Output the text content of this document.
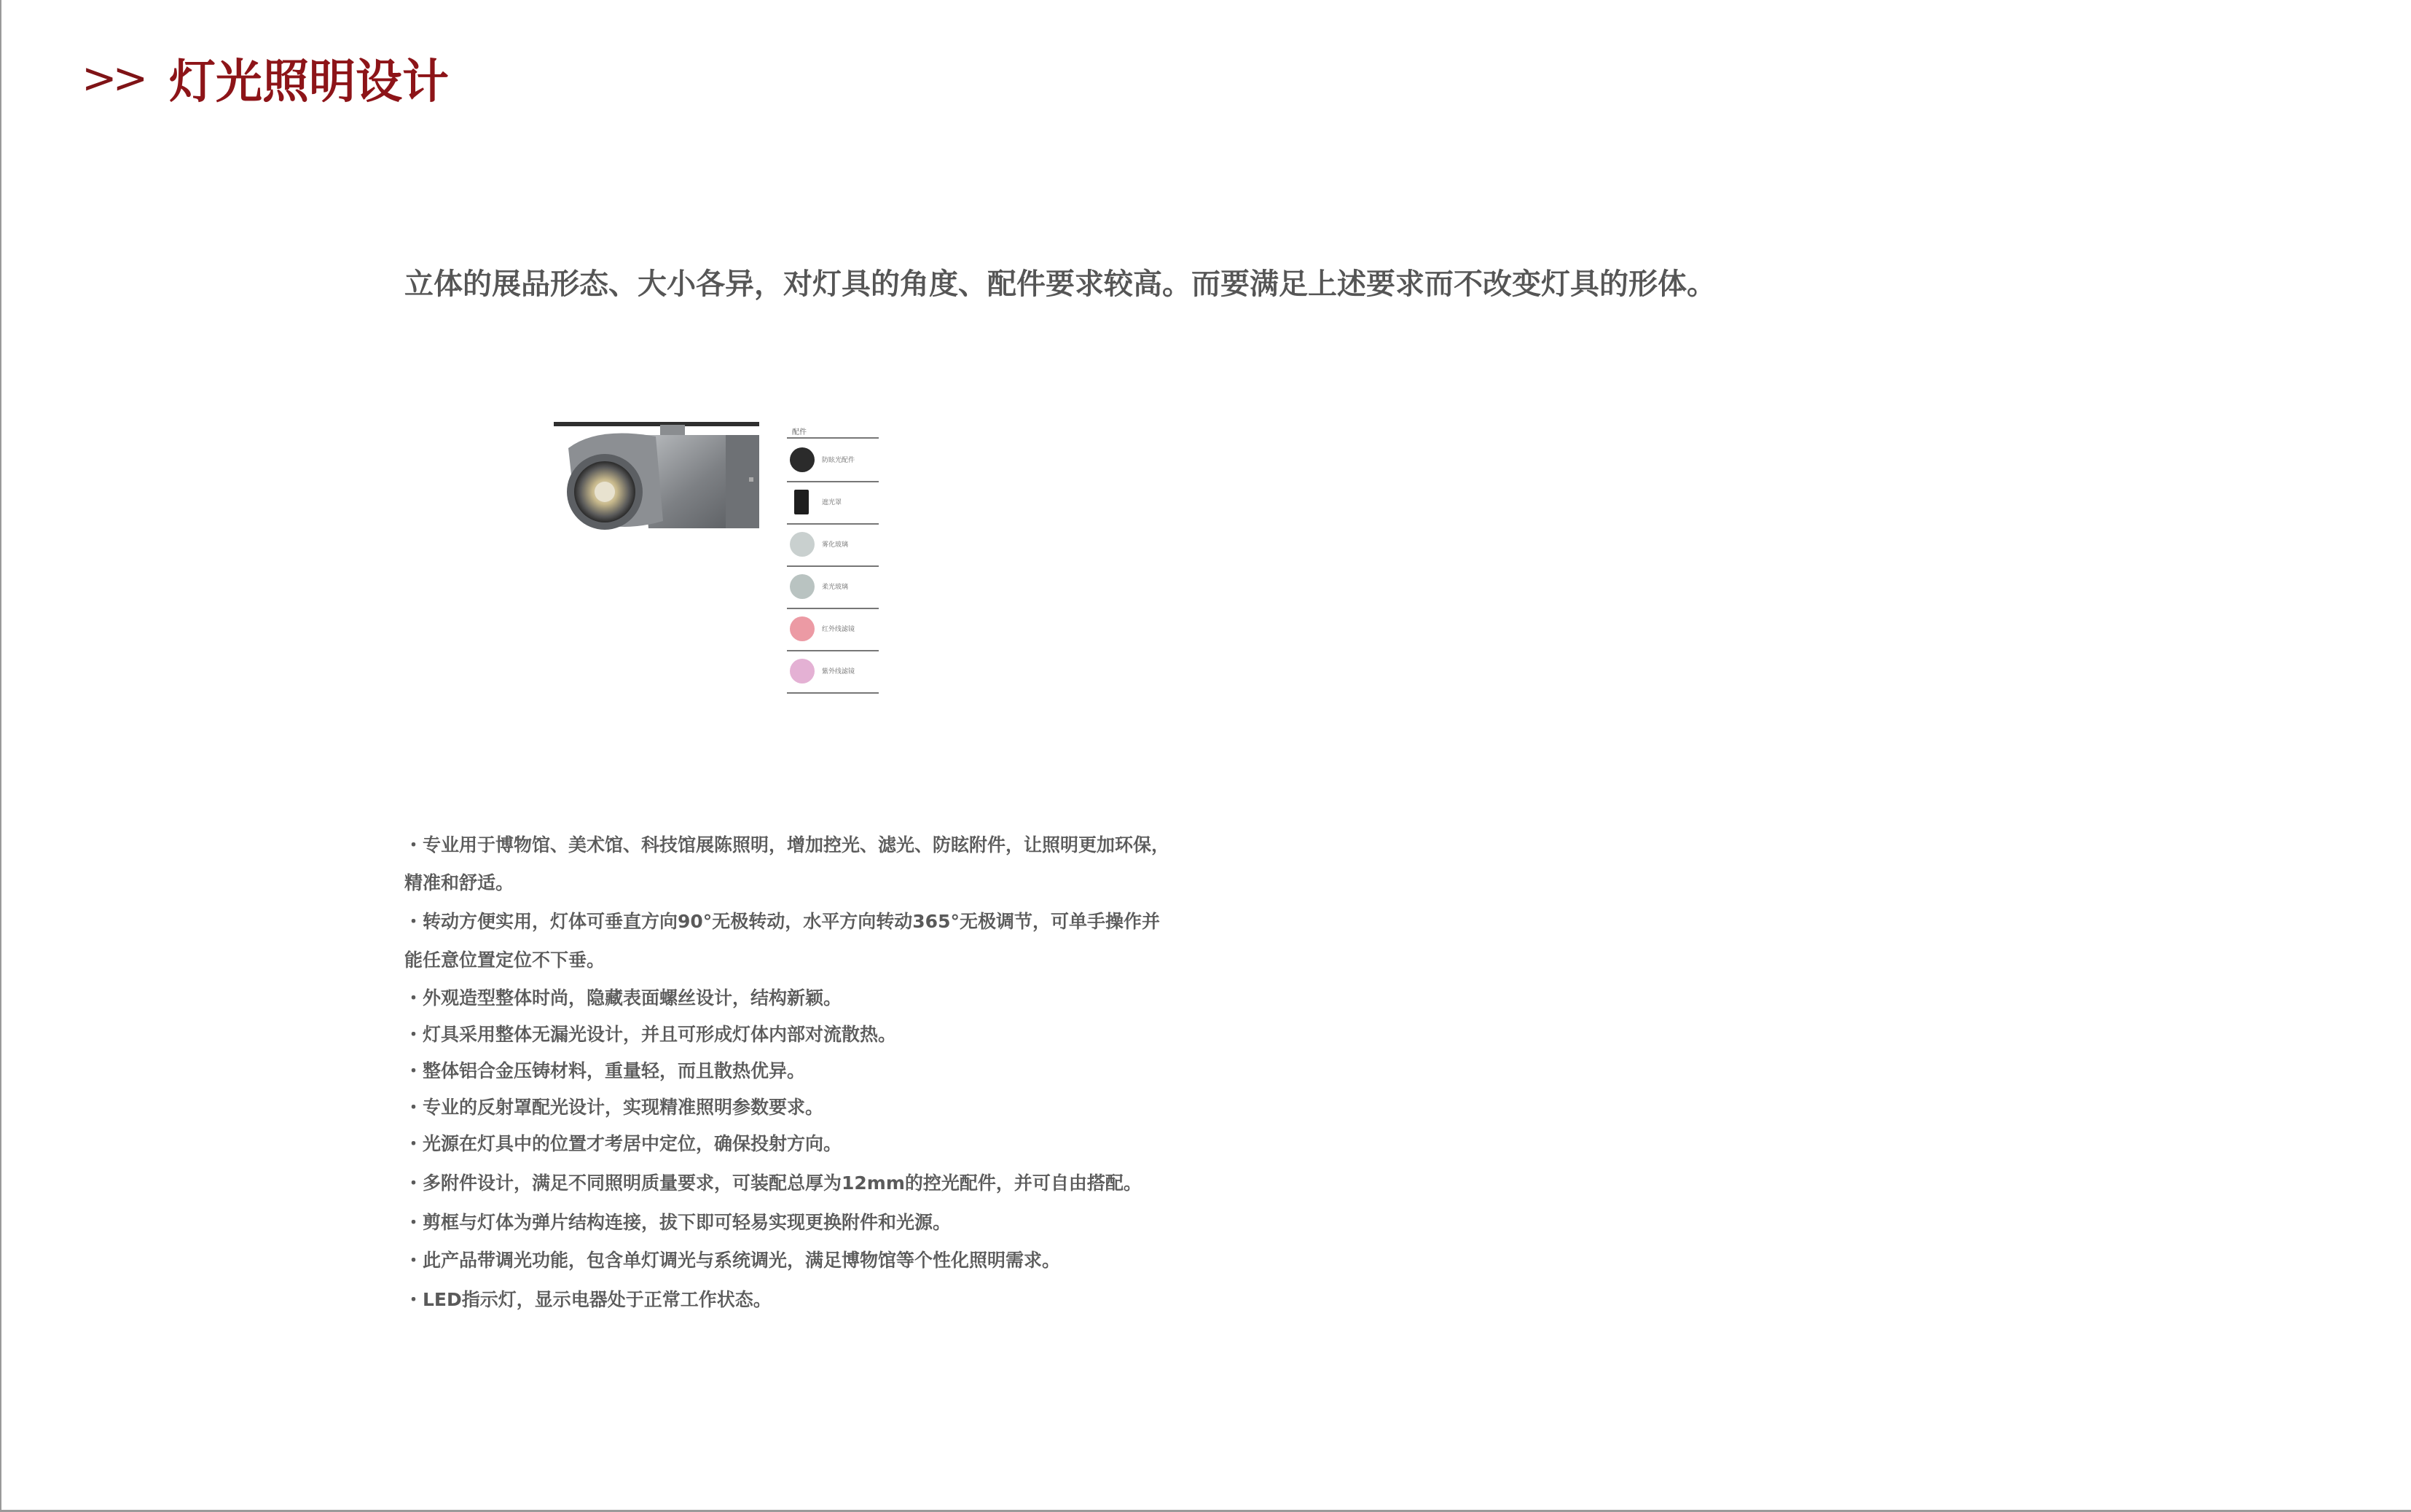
>> 灯光照明设计
立体的展品形态、大小各异，对灯具的角度、配件要求较高。而要满足上述要求而不改变灯具的形体。
配件
防眩光配件
遮光罩
雾化玻璃
柔光玻璃
红外线滤镜
紫外线滤镜
・专业用于博物馆、美术馆、科技馆展陈照明，增加控光、滤光、防眩附件，让照明更加环保，
精准和舒适。
・转动方便实用，灯体可垂直方向90°无极转动，水平方向转动365°无极调节，可单手操作并
能任意位置定位不下垂。
・外观造型整体时尚，隐藏表面螺丝设计，结构新颖。
・灯具采用整体无漏光设计，并且可形成灯体内部对流散热。
・整体铝合金压铸材料，重量轻，而且散热优异。
・专业的反射罩配光设计，实现精准照明参数要求。
・光源在灯具中的位置才考居中定位，确保投射方向。
・多附件设计，满足不同照明质量要求，可装配总厚为12mm的控光配件，并可自由搭配。
・剪框与灯体为弹片结构连接，拔下即可轻易实现更换附件和光源。
・此产品带调光功能，包含单灯调光与系统调光，满足博物馆等个性化照明需求。
・LED指示灯，显示电器处于正常工作状态。
